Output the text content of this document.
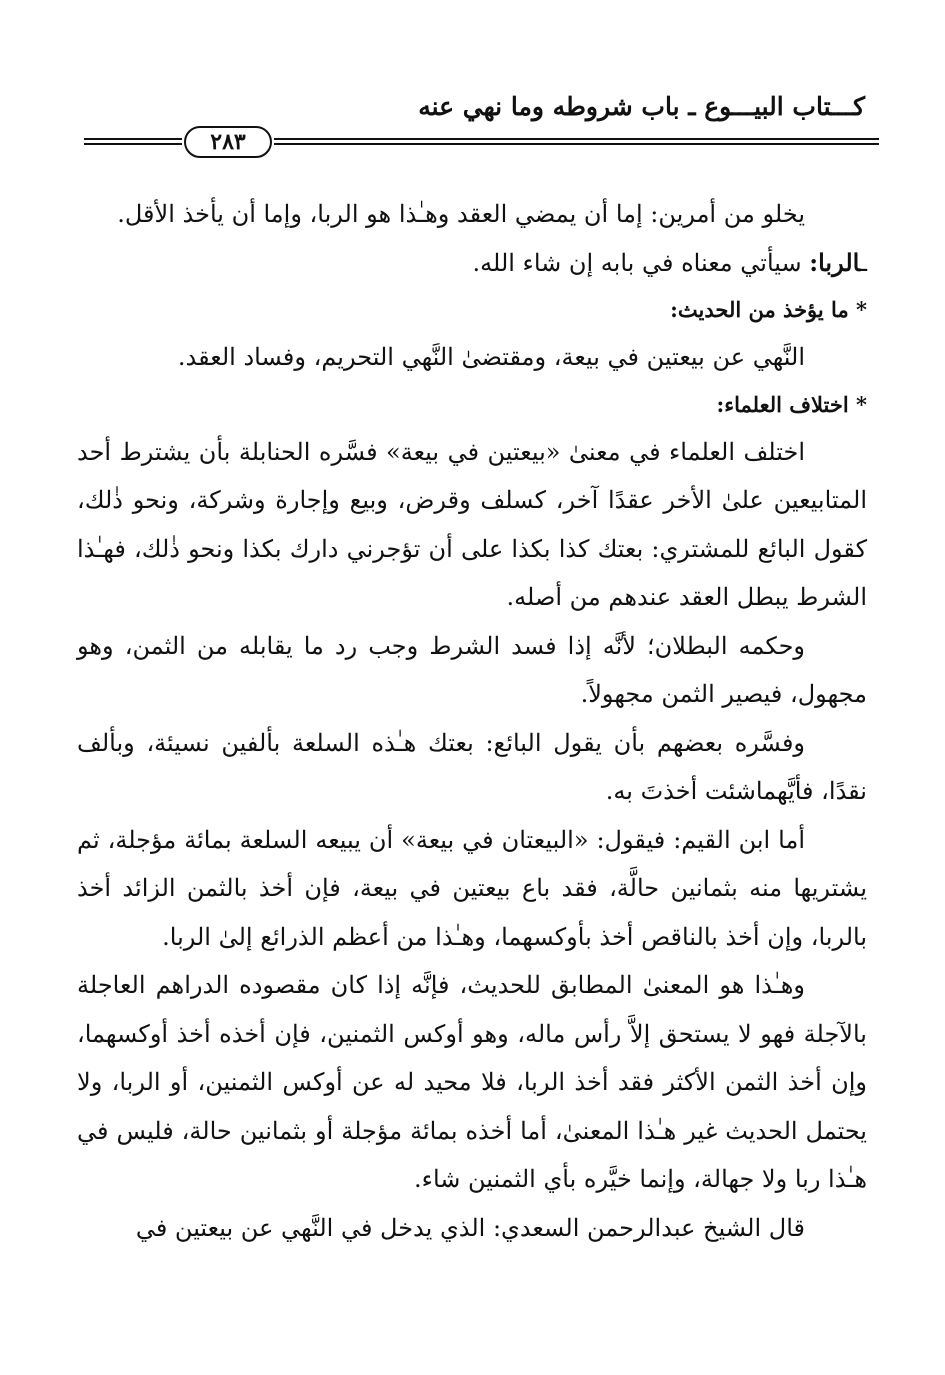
كـــتاب البيـــوع ـ باب شروطه وما نهي عنه
٢٨٣

يخلو من أمرين: إما أن يمضي العقد وهـٰذا هو الربا، وإما أن يأخذ الأقل.

ـالربا: سيأتي معناه في بابه إن شاء الله.

* ما يؤخذ من الحديث:

النَّهي عن بيعتين في بيعة، ومقتضىٰ النَّهي التحريم، وفساد العقد.

* اختلاف العلماء:

اختلف العلماء في معنىٰ «بيعتين في بيعة» فسَّره الحنابلة بأن يشترط أحد المتابيعين علىٰ الأخر عقدًا آخر، كسلف وقرض، وبيع وإجارة وشركة، ونحو ذٰلك، كقول البائع للمشتري: بعتك كذا بكذا على أن تؤجرني دارك بكذا ونحو ذٰلك، فهـٰذا الشرط يبطل العقد عندهم من أصله.

وحكمه البطلان؛ لأنَّه إذا فسد الشرط وجب رد ما يقابله من الثمن، وهو مجهول، فيصير الثمن مجهولاً.

وفسَّره بعضهم بأن يقول البائع: بعتك هـٰذه السلعة بألفين نسيئة، وبألف نقدًا، فأيَّهماشئت أخذتَ به.

أما ابن القيم: فيقول: «البيعتان في بيعة» أن يبيعه السلعة بمائة مؤجلة، ثم يشتريها منه بثمانين حالَّة، فقد باع بيعتين في بيعة، فإن أخذ بالثمن الزائد أخذ بالربا، وإن أخذ بالناقص أخذ بأوكسهما، وهـٰذا من أعظم الذرائع إلىٰ الربا.

وهـٰذا هو المعنىٰ المطابق للحديث، فإنَّه إذا كان مقصوده الدراهم العاجلة بالآجلة فهو لا يستحق إلاَّ رأس ماله، وهو أوكس الثمنين، فإن أخذه أخذ أوكسهما، وإن أخذ الثمن الأكثر فقد أخذ الربا، فلا محيد له عن أوكس الثمنين، أو الربا، ولا يحتمل الحديث غير هـٰذا المعنىٰ، أما أخذه بمائة مؤجلة أو بثمانين حالة، فليس في هـٰذا ربا ولا جهالة، وإنما خيَّره بأي الثمنين شاء.

قال الشيخ عبدالرحمن السعدي: الذي يدخل في النَّهي عن بيعتين في
